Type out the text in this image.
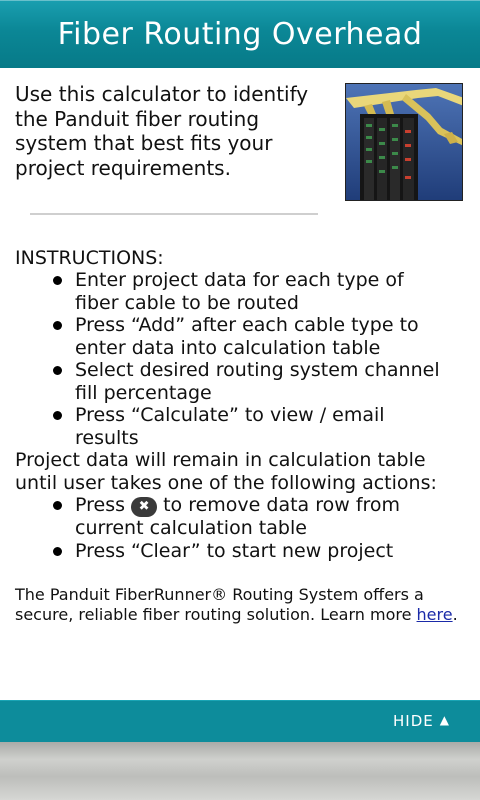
Fiber Routing Overhead
Use this calculator to identify the Panduit fiber routing system that best fits your project requirements.
INSTRUCTIONS:
Enter project data for each type of fiber cable to be routed
Press “Add” after each cable type to enter data into calculation table
Select desired routing system channel fill percentage
Press “Calculate” to view / email results
Project data will remain in calculation table until user takes one of the following actions:
Press ✖ to remove data row from current calculation table
Press “Clear” to start new project
The Panduit FiberRunner® Routing System offers a secure, reliable fiber routing solution. Learn more here.
HIDE ▲
